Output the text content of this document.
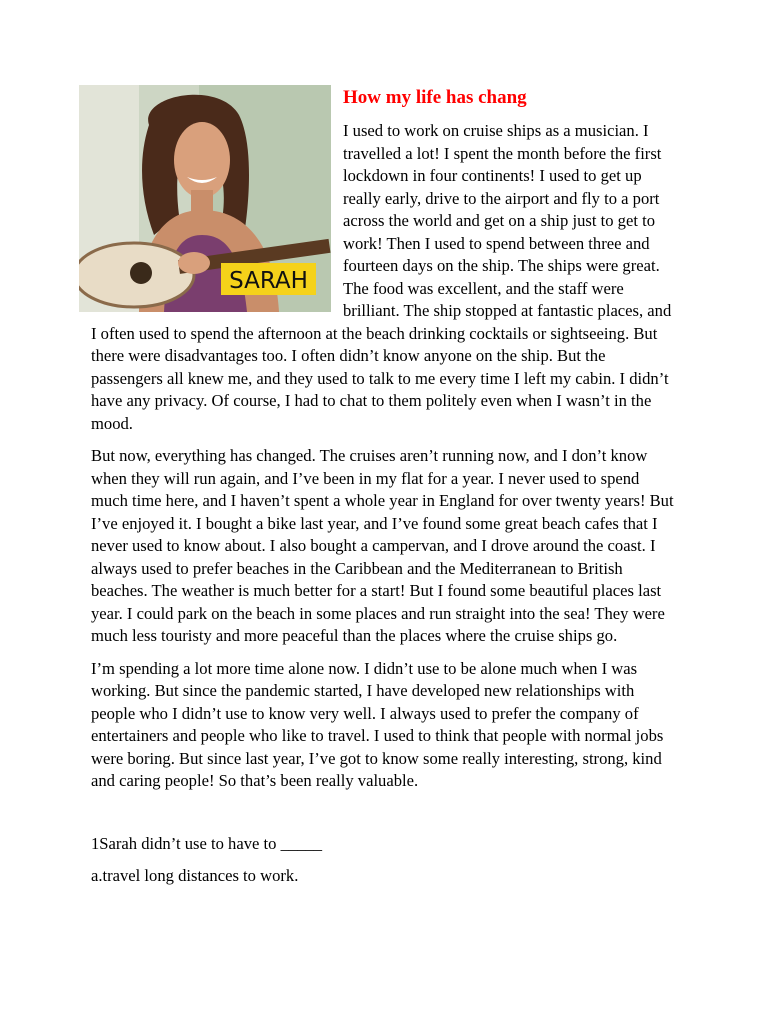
SARAH
How my life has chang

I used to work on cruise ships as a musician. I travelled a lot! I spent the month before the first lockdown in four continents! I used to get up really early, drive to the airport and fly to a port across the world and get on a ship just to get to work! Then I used to spend between three and fourteen days on the ship. The ships were great. The food was excellent, and the staff were brilliant. The ship stopped at fantastic places, and I often used to spend the afternoon at the beach drinking cocktails or sightseeing. But there were disadvantages too. I often didn’t know anyone on the ship. But the passengers all knew me, and they used to talk to me every time I left my cabin. I didn’t have any privacy. Of course, I had to chat to them politely even when I wasn’t in the mood.

But now, everything has changed. The cruises aren’t running now, and I don’t know when they will run again, and I’ve been in my flat for a year. I never used to spend much time here, and I haven’t spent a whole year in England for over twenty years! But I’ve enjoyed it. I bought a bike last year, and I’ve found some great beach cafes that I never used to know about. I also bought a campervan, and I drove around the coast. I always used to prefer beaches in the Caribbean and the Mediterranean to British beaches. The weather is much better for a start! But I found some beautiful places last year. I could park on the beach in some places and run straight into the sea! They were much less touristy and more peaceful than the places where the cruise ships go.

I’m spending a lot more time alone now. I didn’t use to be alone much when I was working. But since the pandemic started, I have developed new relationships with people who I didn’t use to know very well. I always used to prefer the company of entertainers and people who like to travel. I used to think that people with normal jobs were boring. But since last year, I’ve got to know some really interesting, strong, kind and caring people! So that’s been really valuable.

1Sarah didn’t use to have to _____

a.travel long distances to work.
